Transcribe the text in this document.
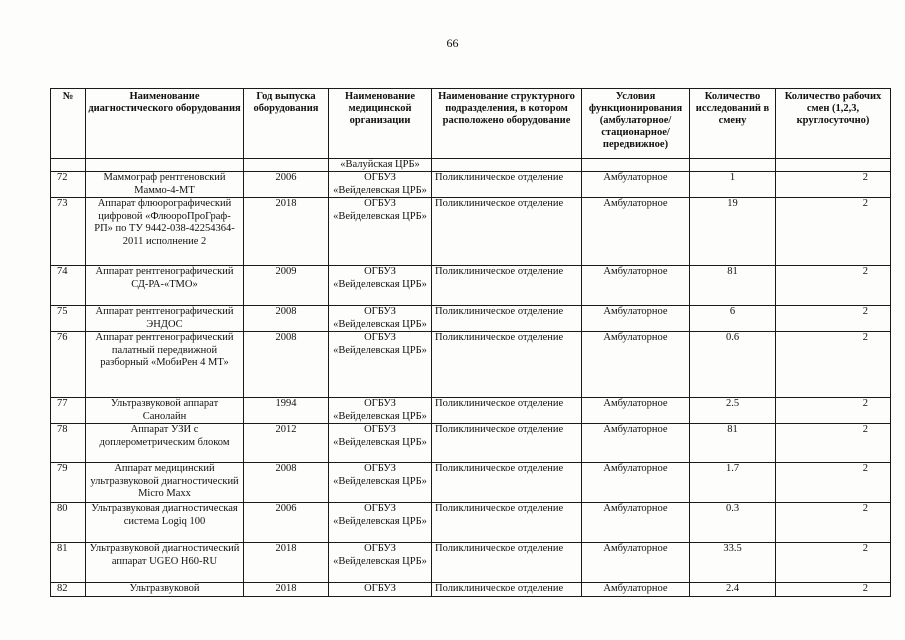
66
№	Наименование диагностического оборудования	Год выпуска оборудования	Наименование медицинской организации	Наименование структурного подразделения, в котором расположено оборудование	Условия функционирования (амбулаторное/ стационарное/ передвижное)	Количество исследований в смену	Количество рабочих смен (1,2,3, круглосуточно)
			«Валуйская ЦРБ»				
72	Маммограф рентгеновский Маммо-4-МТ	2006	ОГБУЗ «Вейделевская ЦРБ»	Поликлиническое отделение	Амбулаторное	1	2
73	Аппарат флюорографический цифровой «ФлюороПроГраф-РП» по ТУ 9442-038-42254364-2011 исполнение 2	2018	ОГБУЗ «Вейделевская ЦРБ»	Поликлиническое отделение	Амбулаторное	19	2
74	Аппарат рентгенографический СД-РА-«ТМО»	2009	ОГБУЗ «Вейделевская ЦРБ»	Поликлиническое отделение	Амбулаторное	81	2
75	Аппарат рентгенографический ЭНДОС	2008	ОГБУЗ «Вейделевская ЦРБ»	Поликлиническое отделение	Амбулаторное	6	2
76	Аппарат рентгенографический палатный передвижной разборный «МобиРен 4 МТ»	2008	ОГБУЗ «Вейделевская ЦРБ»	Поликлиническое отделение	Амбулаторное	0.6	2
77	Ультразвуковой аппарат Санолайн	1994	ОГБУЗ «Вейделевская ЦРБ»	Поликлиническое отделение	Амбулаторное	2.5	2
78	Аппарат УЗИ с доплерометрическим блоком	2012	ОГБУЗ «Вейделевская ЦРБ»	Поликлиническое отделение	Амбулаторное	81	2
79	Аппарат медицинский ультразвуковой диагностический Micro Maxx	2008	ОГБУЗ «Вейделевская ЦРБ»	Поликлиническое отделение	Амбулаторное	1.7	2
80	Ультразвуковая диагностическая система Logiq 100	2006	ОГБУЗ «Вейделевская ЦРБ»	Поликлиническое отделение	Амбулаторное	0.3	2
81	Ультразвуковой диагностический аппарат UGEO H60-RU	2018	ОГБУЗ «Вейделевская ЦРБ»	Поликлиническое отделение	Амбулаторное	33.5	2
82	Ультразвуковой	2018	ОГБУЗ	Поликлиническое отделение	Амбулаторное	2.4	2
